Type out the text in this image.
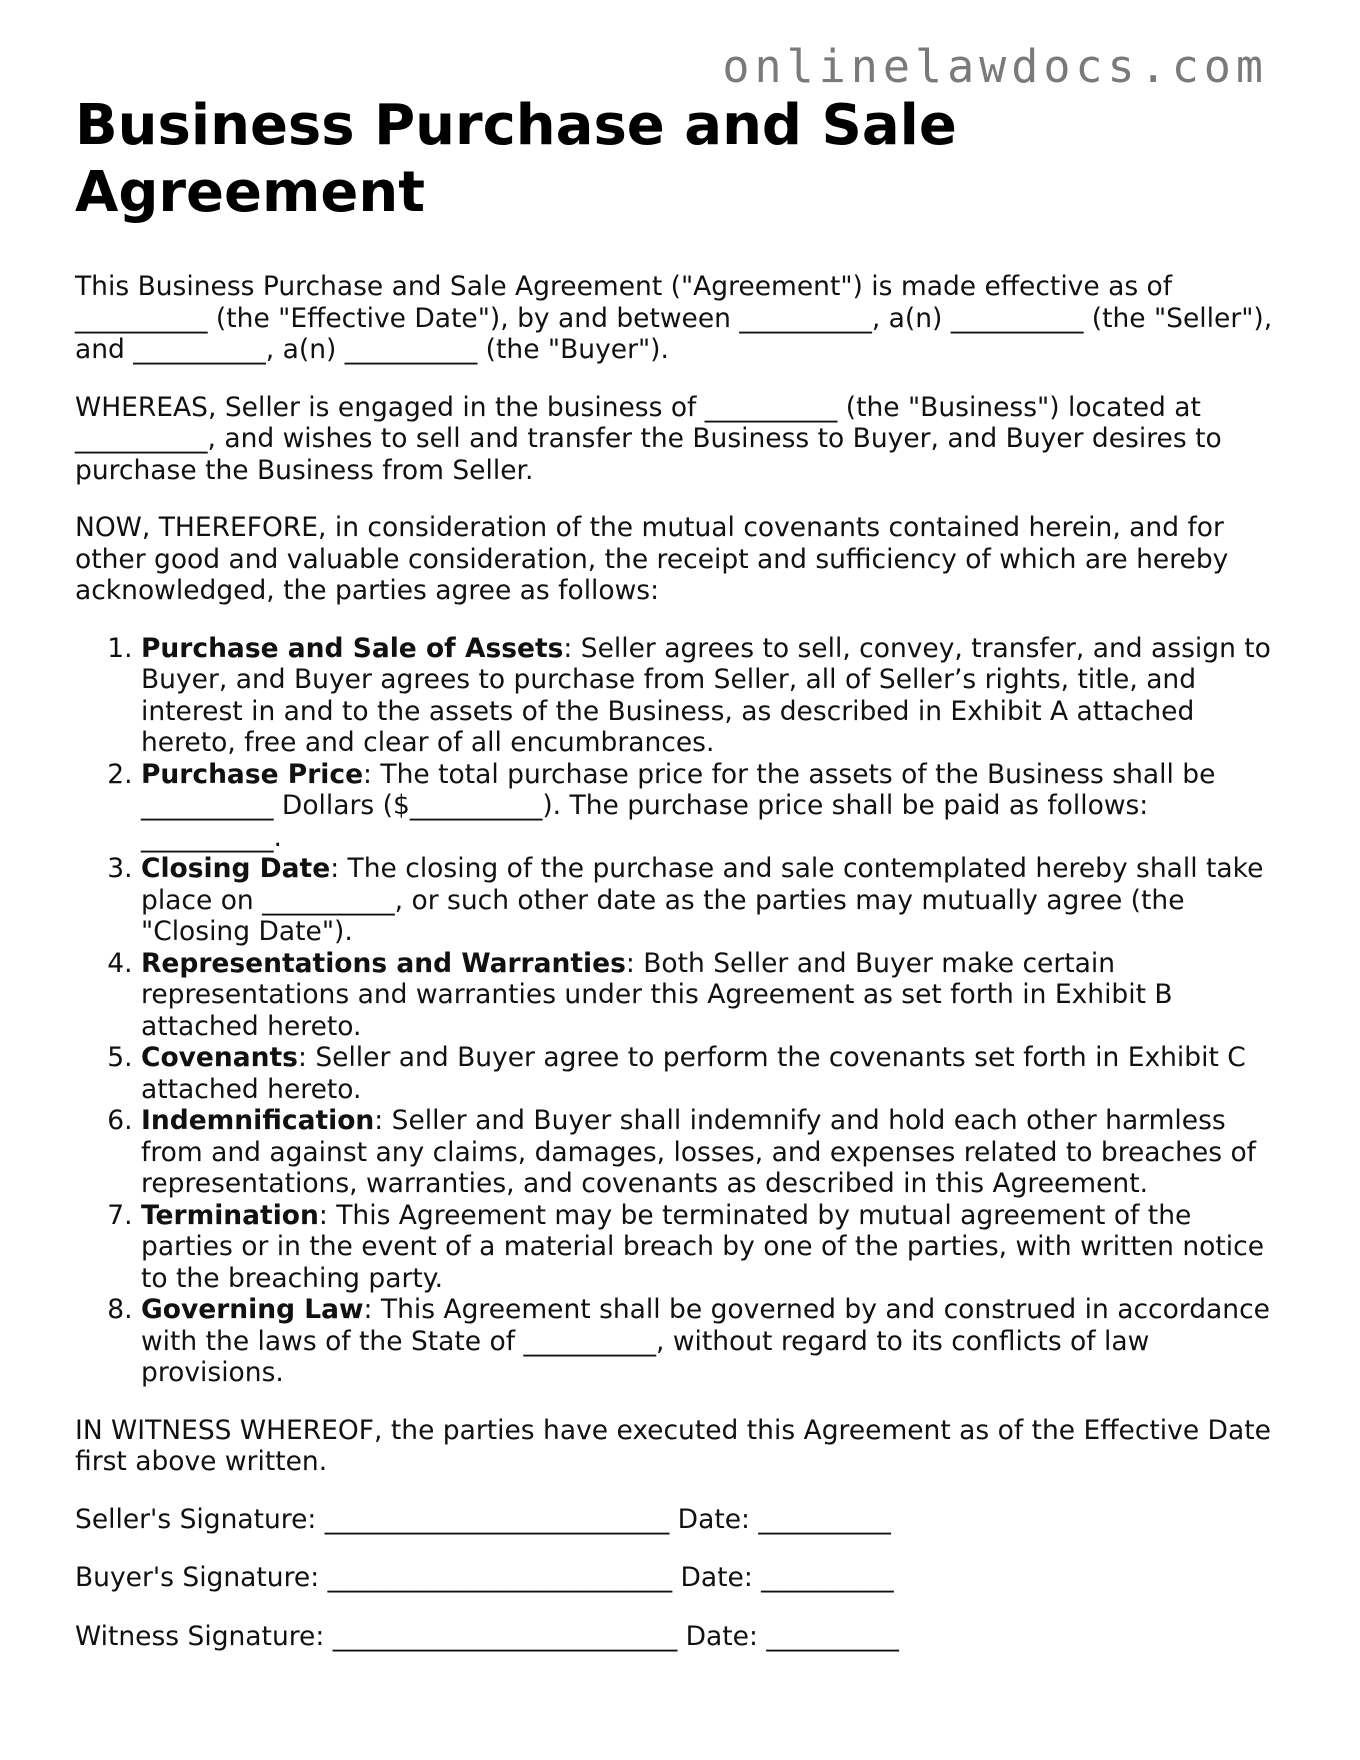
onlinelawdocs.com
Business Purchase and Sale Agreement

This Business Purchase and Sale Agreement ("Agreement") is made effective as of __________ (the "Effective Date"), by and between __________, a(n) __________ (the "Seller"), and __________, a(n) __________ (the "Buyer").

WHEREAS, Seller is engaged in the business of __________ (the "Business") located at __________, and wishes to sell and transfer the Business to Buyer, and Buyer desires to purchase the Business from Seller.

NOW, THEREFORE, in consideration of the mutual covenants contained herein, and for other good and valuable consideration, the receipt and sufficiency of which are hereby acknowledged, the parties agree as follows:

1. Purchase and Sale of Assets: Seller agrees to sell, convey, transfer, and assign to Buyer, and Buyer agrees to purchase from Seller, all of Seller’s rights, title, and interest in and to the assets of the Business, as described in Exhibit A attached hereto, free and clear of all encumbrances.
2. Purchase Price: The total purchase price for the assets of the Business shall be __________ Dollars ($__________). The purchase price shall be paid as follows: __________.
3. Closing Date: The closing of the purchase and sale contemplated hereby shall take place on __________, or such other date as the parties may mutually agree (the "Closing Date").
4. Representations and Warranties: Both Seller and Buyer make certain representations and warranties under this Agreement as set forth in Exhibit B attached hereto.
5. Covenants: Seller and Buyer agree to perform the covenants set forth in Exhibit C attached hereto.
6. Indemnification: Seller and Buyer shall indemnify and hold each other harmless from and against any claims, damages, losses, and expenses related to breaches of representations, warranties, and covenants as described in this Agreement.
7. Termination: This Agreement may be terminated by mutual agreement of the parties or in the event of a material breach by one of the parties, with written notice to the breaching party.
8. Governing Law: This Agreement shall be governed by and construed in accordance with the laws of the State of __________, without regard to its conflicts of law provisions.

IN WITNESS WHEREOF, the parties have executed this Agreement as of the Effective Date first above written.

Seller's Signature: __________________________ Date: __________
Buyer's Signature: __________________________ Date: __________
Witness Signature: __________________________ Date: __________
